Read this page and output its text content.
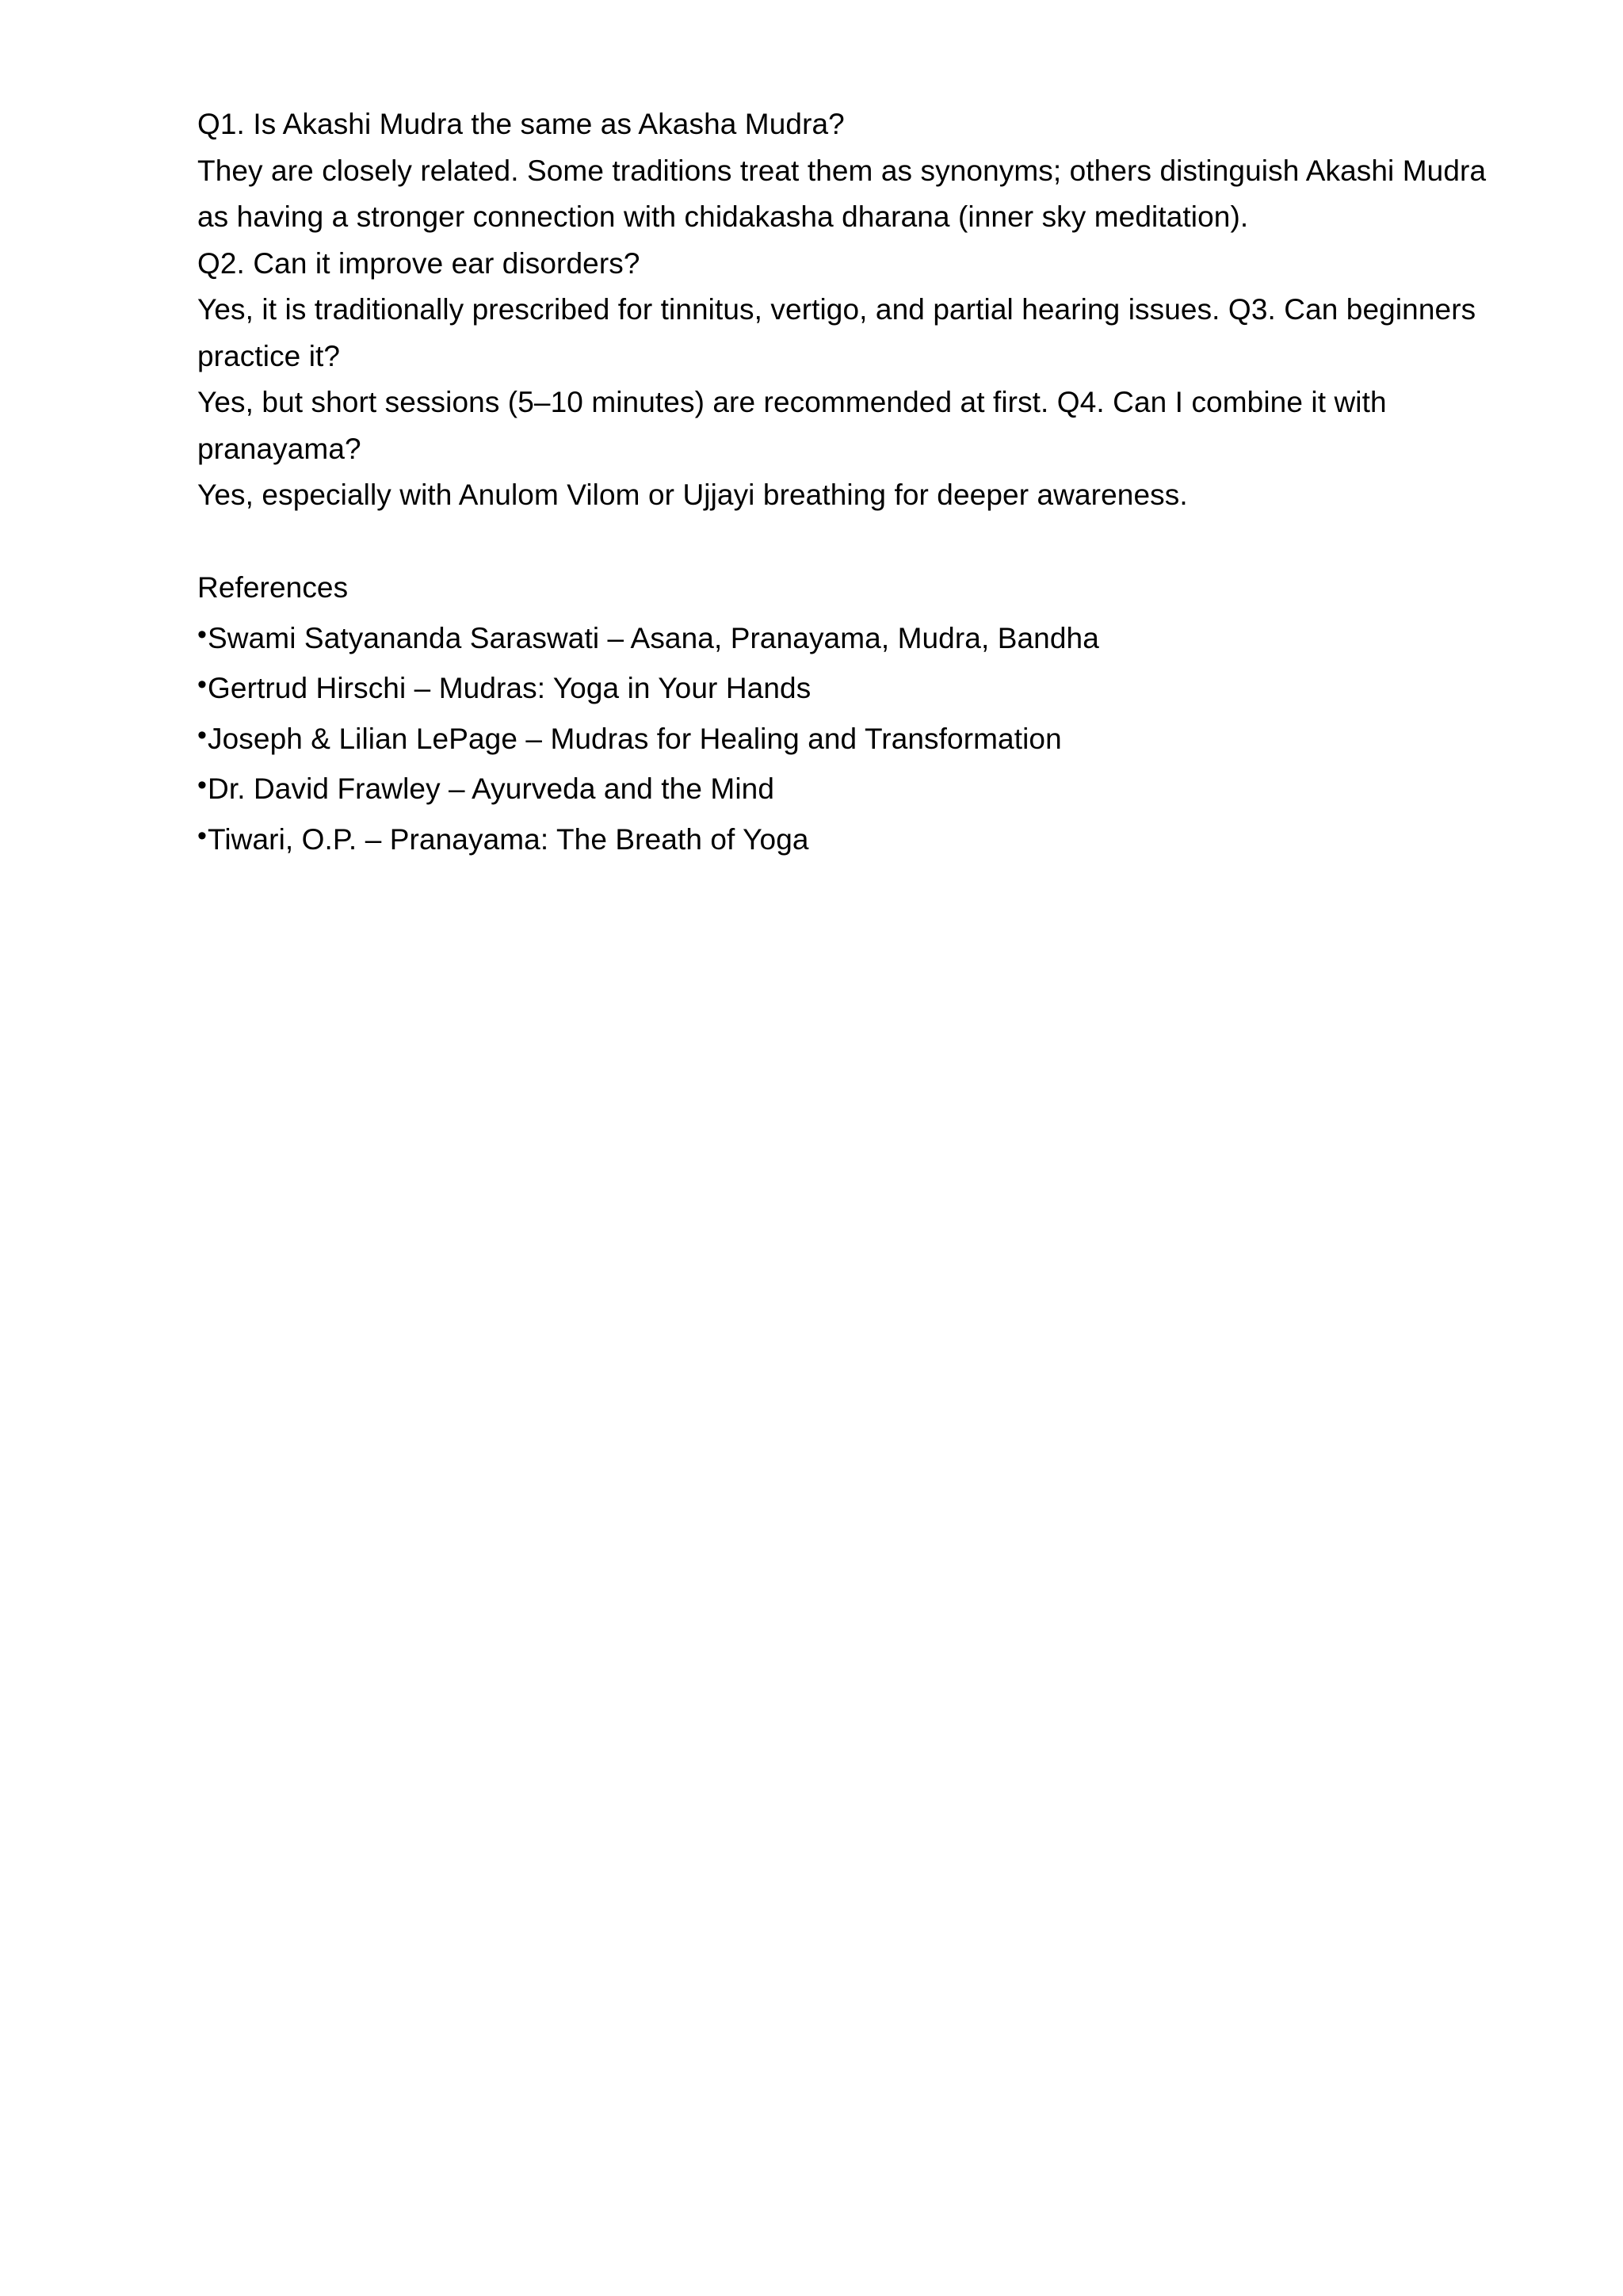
Q1. Is Akashi Mudra the same as Akasha Mudra?
They are closely related. Some traditions treat them as synonyms; others distinguish Akashi Mudra
as having a stronger connection with chidakasha dharana (inner sky meditation).
Q2. Can it improve ear disorders?
Yes, it is traditionally prescribed for tinnitus, vertigo, and partial hearing issues. Q3. Can beginners
practice it?
Yes, but short sessions (5–10 minutes) are recommended at first. Q4. Can I combine it with
pranayama?
Yes, especially with Anulom Vilom or Ujjayi breathing for deeper awareness.
References
•Swami Satyananda Saraswati – Asana, Pranayama, Mudra, Bandha
•Gertrud Hirschi – Mudras: Yoga in Your Hands
•Joseph & Lilian LePage – Mudras for Healing and Transformation
•Dr. David Frawley – Ayurveda and the Mind
•Tiwari, O.P. – Pranayama: The Breath of Yoga
